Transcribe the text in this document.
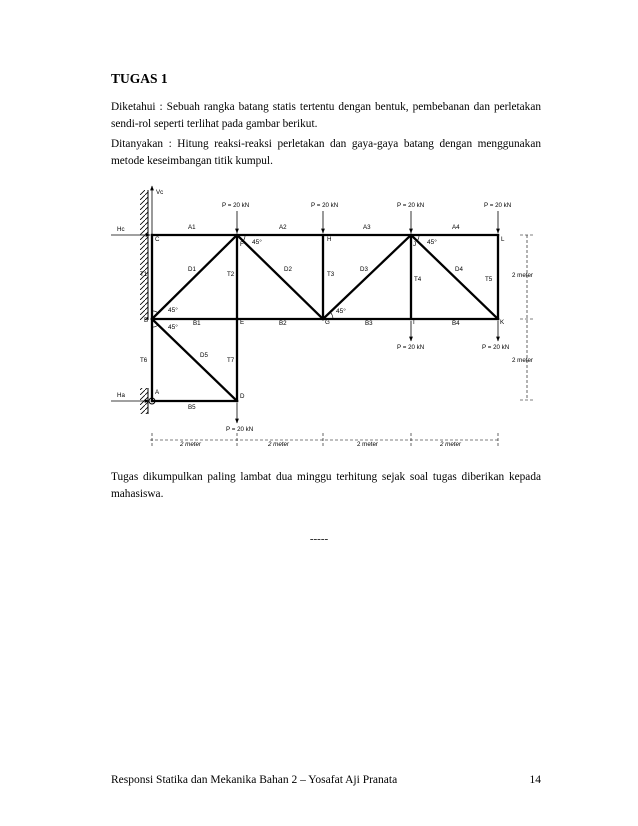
TUGAS 1
Diketahui : Sebuah rangka batang statis tertentu dengan bentuk, pembebanan dan perletakan sendi-rol seperti terlihat pada gambar berikut.
Ditanyakan : Hitung reaksi-reaksi perletakan dan gaya-gaya batang dengan menggunakan metode keseimbangan titik kumpul.
Vc
Hc
Ha
P = 20 kN	P = 20 kN	P = 20 kN	P = 20 kN
P = 20 kN	P = 20 kN
P = 20 kN
C
F
H
J
L
B	E	G	I	K
A
D
A1	A2	A3	A4
T1	T2	T3
T4	T5
T6	T7
D1	D2	D3	D4
D5
B1	B2	B3	B4
B5
45°	45°
45°
45°
45°
2 meter	2 meter	2 meter	2 meter
2 meter
2 meter
Tugas dikumpulkan paling lambat dua minggu terhitung sejak soal tugas diberikan kepada mahasiswa.
-----
Responsi Statika dan Mekanika Bahan 2 – Yosafat Aji Pranata	14
